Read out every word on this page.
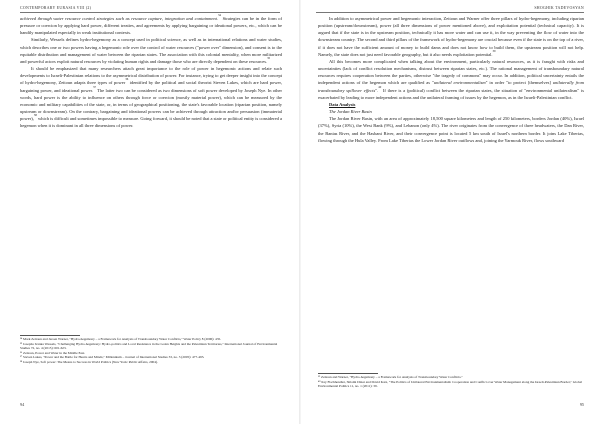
CONTEMPORARY EURASIA VIII (2)

achieved through water resource control strategies such as resource capture, integration and containment.$^{34}$ Strategies can be in the form of pressure or coercion by applying hard power, different treaties, and agreements by applying bargaining or ideational powers, etc., which can be handily manipulated especially in weak institutional contexts.

Similarly, Wessels defines hydro-hegemony as a concept used in political science, as well as in international relations and water studies, which describes one or two powers having a hegemonic role over the control of water resources ("power over" dimension), and consent is to the equitable distribution and management of water between the riparian states. The association with this colonial mentality, when more militarized and powerful actors exploit natural resources by violating human rights and damage those who are directly dependent on these resources.$^{35}$

It should be emphasized that many researchers attach great importance to the role of power in hegemonic actions and relate such developments to Israeli-Palestinian relations to the asymmetrical distribution of power. For instance, trying to get deeper insight into the concept of hydro-hegemony, Zeitoun adapts three types of power$^{36}$ identified by the political and social theorist Steven Lukes, which are hard power, bargaining power, and ideational power.$^{37}$ The latter two can be considered as two dimensions of soft power developed by Joseph Nye. In other words, hard power is the ability to influence on others through force or coercion (mostly material power), which can be measured by the economic and military capabilities of the state, or, in terms of geographical positioning, the state's favorable location (riparian position, namely upstream or downstream). On the contrary, bargaining and ideational powers can be achieved through attraction and/or persuasion (immaterial power),$^{38}$ which is difficult and sometimes impossible to measure. Going forward, it should be noted that a state or political entity is considered a hegemon when it is dominant in all three dimensions of power.

³⁴ Mark Zeitoun and Jeroen Warner, "Hydro-hegemony – a Framework for Analysis of Transboundary Water Conflicts," Water Policy 8 (2006): 435.

³⁵ Josepha Ivanka Wessels, "Challenging Hydro-hegemony: Hydro-politics and Local Resistance in the Golan Heights and the Palestinian Territories," International Journal of Environmental Studies 72, no. 4 (2015): 601-623.

³⁶ Zeitoun, Power and Water in the Middle East.

³⁷ Steven Lukes, "Power and the Battle for Hearts and Minds," Millennium – Journal of International Studies 33, no. 3 (2005): 477-493.

³⁸ Joseph Nye, Soft power: The Means to Success in World Politics (New York: Public Affairs, 2004).

94
SHOGHIK TADEVOSYAN

In addition to asymmetrical power and hegemonic interaction, Zeitoun and Warner offer three pillars of hydro-hegemony, including riparian position (upstream/downstream), power (all three dimensions of power mentioned above), and exploitation potential (technical capacity). It is argued that if the state is in the upstream position, technically it has more water and can use it, in the way preventing the flow of water into the downstream country. The second and third pillars of the framework of hydro-hegemony are crucial because even if the state is on the top of a river, if it does not have the sufficient amount of money to build dams and does not know how to build them, the upstream position will not help. Namely, the state does not just need favorable geography, but it also needs exploitation potential.$^{39}$

All this becomes more complicated when talking about the environment, particularly natural resources, as it is fraught with risks and uncertainties (lack of conflict resolution mechanisms, distrust between riparian states, etc.). The rational management of transboundary natural resources requires cooperation between the parties, otherwise "the tragedy of commons" may occur. In addition, political uncertainty entails the independent actions of the hegemon which are qualified as "unilateral environmentalism" in order "to protect [themselves] unilaterally from transboundary spillover effects".$^{40}$ If there is a (political) conflict between the riparian states, the situation of "environmental unilateralism" is exacerbated by leading to more independent actions and the unilateral framing of issues by the hegemon, as in the Israeli-Palestinian conflict.

Data Analysis

The Jordan River Basin

The Jordan River Basin, with an area of approximately 18,500 square kilometers and length of 250 kilometers, borders Jordan (40%), Israel (37%), Syria (10%), the West Bank (9%), and Lebanon (only 4%). The river originates from the convergence of three headwaters, the Dan River, the Banias River, and the Hasbani River, and their convergence point is located 5 km south of Israel's northern border. It joins Lake Tiberias, flowing through the Hula Valley. From Lake Tiberias the Lower Jordan River outflows and, joining the Yarmouk River, flows southward

³⁹ Zeitoun and Warner, "Hydro-hegemony – a Framework for Analysis of Transboundary Water Conflicts."

⁴⁰ Itay Fischhendler, Shlomi Dinar and David Katz, "The Politics of Unilateral Environmentalism: Cooperation and Conflict over Water Management along the Israeli-Palestinian Border," Global Environmental Politics 11, no. 1 (2011): 39.

95
